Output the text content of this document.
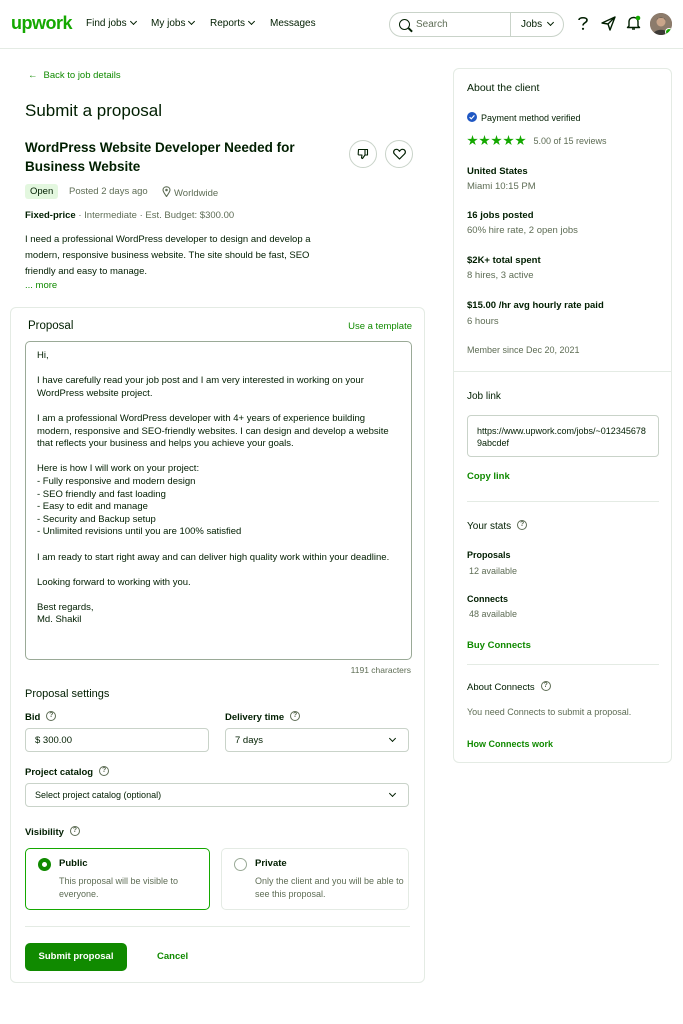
upwork Find jobs	My jobs	Reports	Messages	Search	Jobs
← Back to job details
Submit a proposal
WordPress Website Developer Needed for Business Website
Open	Posted 2 days ago	Worldwide
Fixed-price · Intermediate · Est. Budget: $300.00
I need a professional WordPress developer to design and develop a modern, responsive business website. The site should be fast, SEO friendly and easy to manage.
... more
Proposal	Use a template
Hi,

I have carefully read your job post and I am very interested in working on your WordPress website project.

I am a professional WordPress developer with 4+ years of experience building modern, responsive and SEO-friendly websites. I can design and develop a website that reflects your business and helps you achieve your goals.

Here is how I will work on your project:
- Fully responsive and modern design
- SEO friendly and fast loading
- Easy to edit and manage
- Security and Backup setup
- Unlimited revisions until you are 100% satisfied

I am ready to start right away and can deliver high quality work within your deadline.

Looking forward to working with you.

Best regards,
Md. Shakil
1191 characters
Proposal settings
Bid ?
$ 300.00
Delivery time ?
7 days
Project catalog ?
Select project catalog (optional)
Visibility ?
Public
This proposal will be visible to everyone.
Private
Only the client and you will be able to see this proposal.
Submit proposal	Cancel
About the client
Payment method verified
5.00 of 15 reviews
United States
Miami 10:15 PM
16 jobs posted
60% hire rate, 2 open jobs
$2K+ total spent
8 hires, 3 active
$15.00 /hr avg hourly rate paid
6 hours
Member since Dec 20, 2021
Job link
https://www.upwork.com/jobs/~0123456789abcdef
Copy link
Your stats ?
Proposals
12 available
Connects
48 available
Buy Connects
About Connects ?
You need Connects to submit a proposal.
How Connects work
